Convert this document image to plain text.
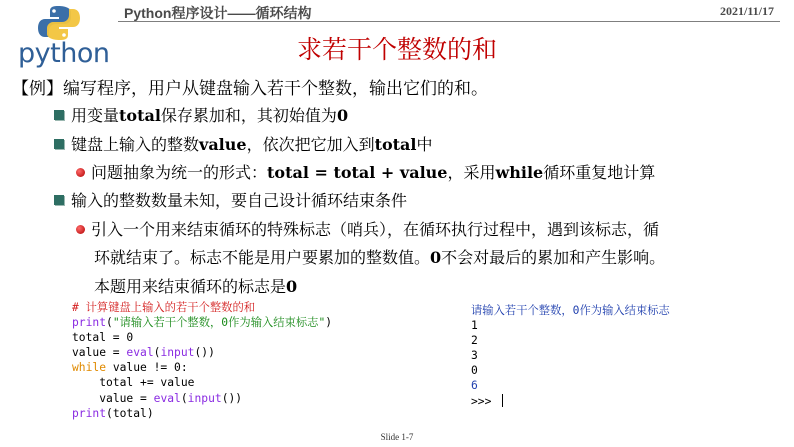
python
Python程序设计——循环结构	2021/11/17
求若干个整数的和
【例】编写程序，用户从键盘输入若干个整数，输出它们的和。
用变量total保存累加和，其初始值为0
键盘上输入的整数value，依次把它加入到total中
问题抽象为统一的形式：total = total + value，采用while循环重复地计算
输入的整数数量未知，要自己设计循环结束条件
引入一个用来结束循环的特殊标志（哨兵），在循环执行过程中，遇到该标志，循
环就结束了。标志不能是用户要累加的整数值。0不会对最后的累加和产生影响。
本题用来结束循环的标志是0
# 计算键盘上输入的若干个整数的和
print("请输入若干个整数，0作为输入结束标志")
total = 0
value = eval(input())
while value != 0:
total += value
value = eval(input())
print(total)
请输入若干个整数，0作为输入结束标志
1
2
3
0
6
>>>
Slide 1-7
